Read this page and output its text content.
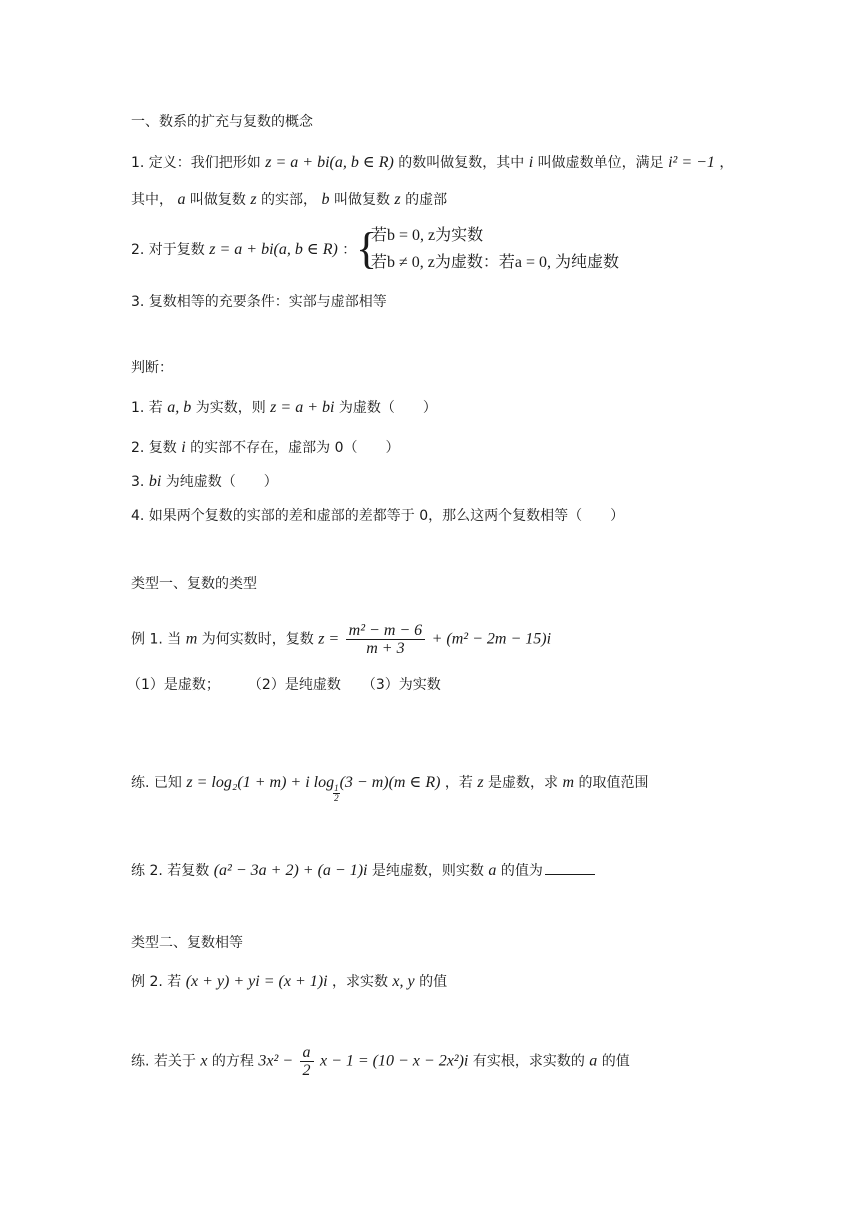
一、数系的扩充与复数的概念
1. 定义：我们把形如 z = a + bi(a, b ∈ R) 的数叫做复数，其中 i 叫做虚数单位，满足 i² = −1 ，
其中， a 叫做复数 z 的实部， b 叫做复数 z 的虚部
2. 对于复数 z = a + bi(a, b ∈ R) ： {
若b = 0, z为实数
若b ≠ 0, z为虚数：若a = 0, 为纯虚数
3. 复数相等的充要条件：实部与虚部相等
判断：
1. 若 a, b 为实数，则 z = a + bi 为虚数（　　）
2. 复数 i 的实部不存在，虚部为 0（　　）
3. bi 为纯虚数（　　）
4. 如果两个复数的实部的差和虚部的差都等于 0，那么这两个复数相等（　　）
类型一、复数的类型
例 1. 当 m 为何实数时，复数 $z = \frac{\text{m² − m − 6}}{m + 3} + (m^2 - 2m - 15)i$
（1）是虚数；　　　（2）是纯虚数　　（3）为实数
练. 已知 z = log₂(1 + m) + i log
$\frac{1}{2}$
(3 − m)(m ∈ R) ，若 z 是虚数，求 m 的取值范围
练 2. 若复数 (a² − 3a + 2) + (a − 1)i 是纯虚数，则实数 a 的值为
类型二、复数相等
例 2. 若 (x + y) + yi = (x + 1)i ，求实数 x, y 的值
练. 若关于 x 的方程 $3x^2 - \frac{a}{2}$ x − 1 = (10 − x − 2x²)i 有实根，求实数的 a 的值
